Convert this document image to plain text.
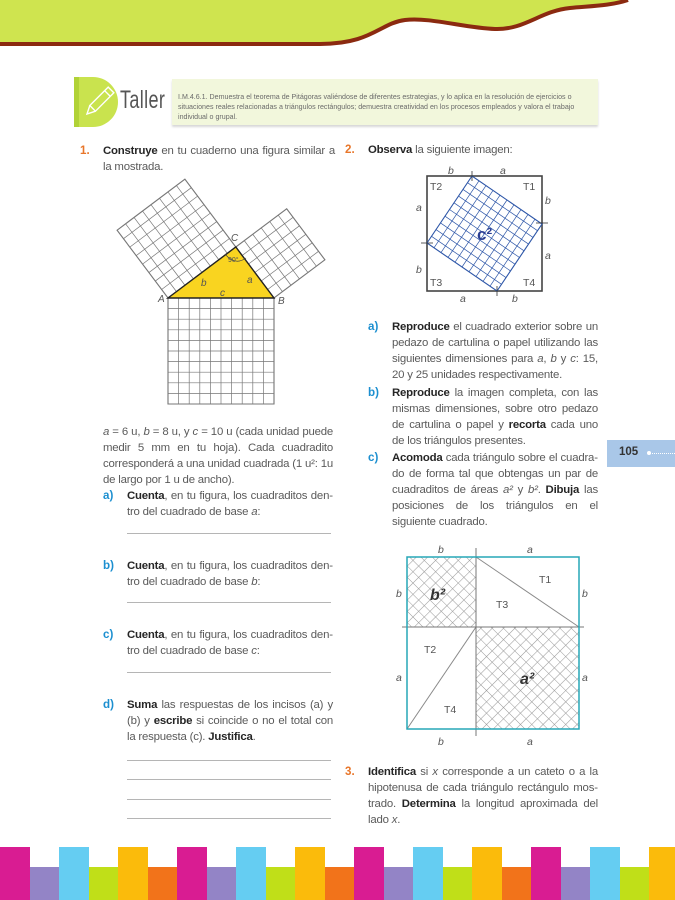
A	B
C
90°
b	a
c
b	a
a
b
b
a
a	b
T1
T2
T3	T4
c²
b	a
b
a
b
a
b	a
T1
T2
T3
T4
b²
a²
Taller I.M.4.6.1. Demuestra el teorema de Pitágoras valiéndose de diferentes estrategias, y lo aplica en la resolución de ejercicios o situaciones reales relacionadas a triángulos rectángulos; demuestra creatividad en los procesos empleados y valora el trabajo individual o grupal.
1. Construye en tu cuaderno una figura similar a la mostrada.
a = 6 u, b = 8 u, y c = 10 u (cada unidad puede medir 5 mm en tu hoja). Cada cuadradito corresponderá a una unidad cuadrada (1 u²: 1u de largo por 1 u de ancho).
a) Cuenta, en tu figura, los cuadraditos dentro del cuadrado de base a:
b) Cuenta, en tu figura, los cuadraditos dentro del cuadrado de base b:
c) Cuenta, en tu figura, los cuadraditos dentro del cuadrado de base c:
d) Suma las respuestas de los incisos (a) y (b) y escribe si coincide o no el total con la respuesta (c). Justifica.
2. Observa la siguiente imagen:
a) Reproduce el cuadrado exterior sobre un pedazo de cartulina o papel utilizando las siguientes dimensiones para a, b y c: 15, 20 y 25 unidades respectivamente.
b) Reproduce la imagen completa, con las mismas dimensiones, sobre otro pedazo de cartulina o papel y recorta cada uno de los triángulos presentes.
c) Acomoda cada triángulo sobre el cuadrado de forma tal que obtengas un par de cuadraditos de áreas a² y b². Dibuja las posiciones de los triángulos en el siguiente cuadrado.
3. Identifica si x corresponde a un cateto o a la hipotenusa de cada triángulo rectángulo mostrado. Determina la longitud aproximada del lado x.
105
